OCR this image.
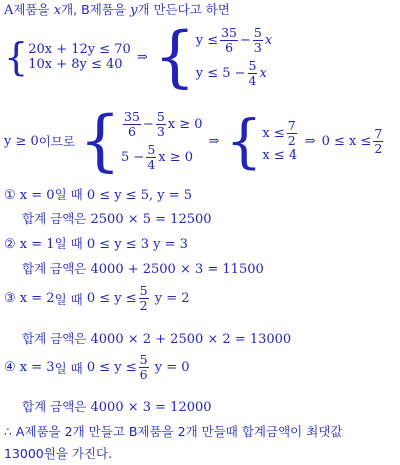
A제품을 x개, B제품을 y개 만든다고 하면
{ 20x + 12y ≤ 70
10x + 8y ≤ 40	⇒ { $y \le \frac{35}{6} - \frac{5}{3}$ x
$y \le 5 - \frac{5}{4}$ x
y ≥ 0 이므로 { $\frac{35}{6} - \frac{5}{3}$ x ≥ 0
$5 - \frac{5}{4}$ x ≥ 0
⇒ { $x \le \frac{7}{2}$
x ≤ 4
⇒ $0 \le x \le \frac{7}{2}$
① x = 0일 때 0 ≤ y ≤ 5, y = 5
합계 금액은 2500 × 5 = 12500
② x = 1일 때 0 ≤ y ≤ 3 y = 3
합계 금액은 4000 + 2500 × 3 = 11500
③
x = 2 일 때
$0 \le y \le \frac{5}{2}$
y = 2
합계 금액은 4000 × 2 + 2500 × 2 = 13000
④
x = 3 일 때
$0 \le y \le \frac{5}{6}$
y = 0
합계 금액은 4000 × 3 = 12000
∴ A제품을 2개 만들고 B제품을 2개 만들때 합계금액이 최댓값
13000원을 가진다.
